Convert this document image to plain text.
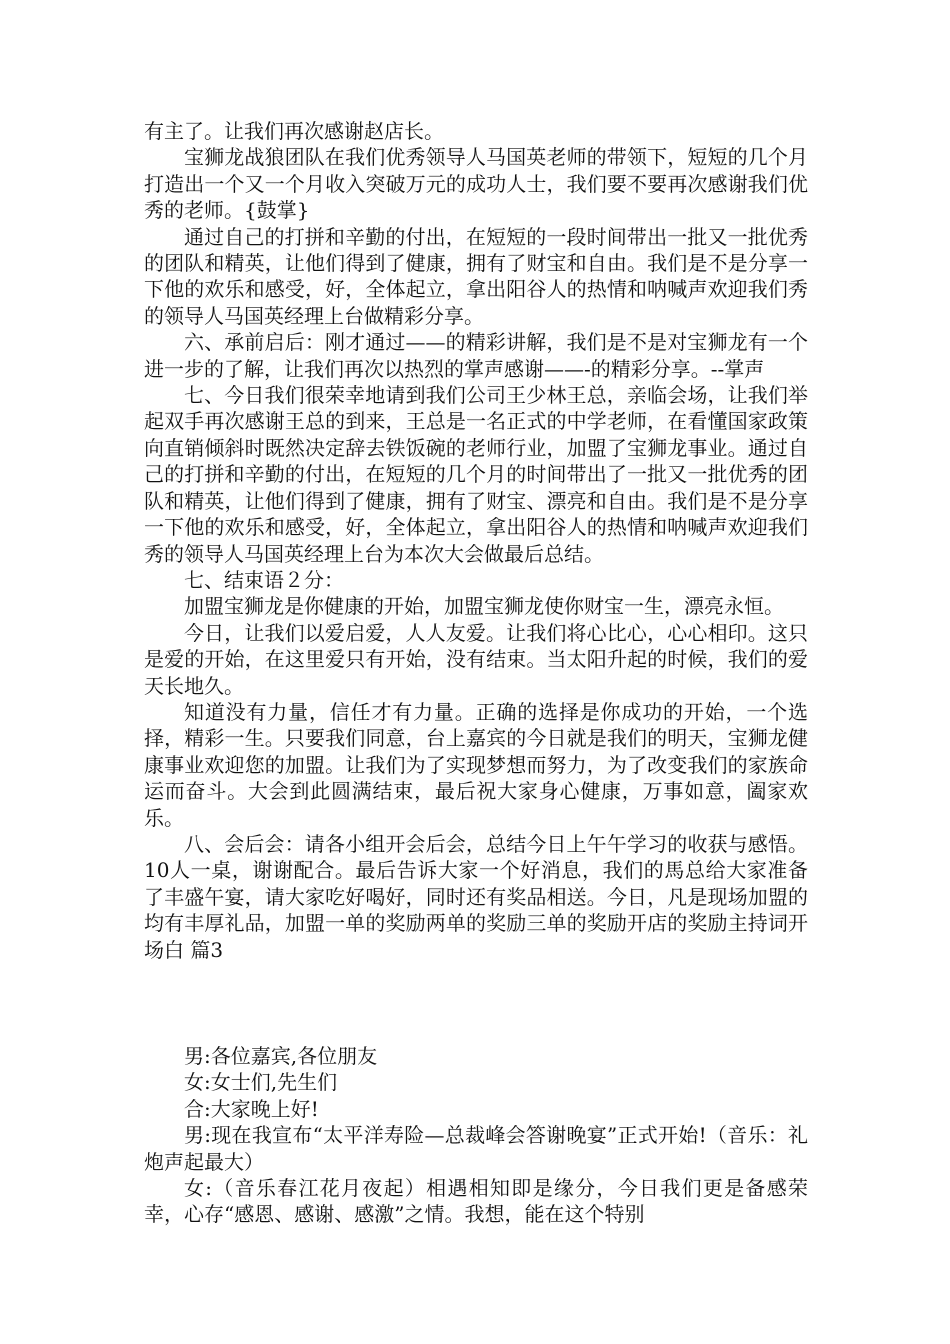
有主了。让我们再次感谢赵店长。

宝狮龙战狼团队在我们优秀领导人马国英老师的带领下，短短的几个月打造出一个又一个月收入突破万元的成功人士，我们要不要再次感谢我们优秀的老师。{鼓掌}

通过自己的打拼和辛勤的付出，在短短的一段时间带出一批又一批优秀的团队和精英，让他们得到了健康，拥有了财宝和自由。我们是不是分享一下他的欢乐和感受，好，全体起立，拿出阳谷人的热情和呐喊声欢迎我们秀的领导人马国英经理上台做精彩分享。

六、承前启后：刚才通过——的精彩讲解，我们是不是对宝狮龙有一个进一步的了解，让我们再次以热烈的掌声感谢——-的精彩分享。--掌声

七、今日我们很荣幸地请到我们公司王少林王总，亲临会场，让我们举起双手再次感谢王总的到来，王总是一名正式的中学老师，在看懂国家政策向直销倾斜时既然决定辞去铁饭碗的老师行业，加盟了宝狮龙事业。通过自己的打拼和辛勤的付出，在短短的几个月的时间带出了一批又一批优秀的团队和精英，让他们得到了健康，拥有了财宝、漂亮和自由。我们是不是分享一下他的欢乐和感受，好，全体起立，拿出阳谷人的热情和呐喊声欢迎我们秀的领导人马国英经理上台为本次大会做最后总结。

七、结束语２分：

加盟宝狮龙是你健康的开始，加盟宝狮龙使你财宝一生，漂亮永恒。

今日，让我们以爱启爱，人人友爱。让我们将心比心，心心相印。这只是爱的开始，在这里爱只有开始，没有结束。当太阳升起的时候，我们的爱天长地久。

知道没有力量，信任才有力量。正确的选择是你成功的开始，一个选择，精彩一生。只要我们同意，台上嘉宾的今日就是我们的明天，宝狮龙健康事业欢迎您的加盟。让我们为了实现梦想而努力，为了改变我们的家族命运而奋斗。大会到此圆满结束，最后祝大家身心健康，万事如意，阖家欢乐。

八、会后会：请各小组开会后会，总结今日上午午学习的收获与感悟。10人一桌，谢谢配合。最后告诉大家一个好消息，我们的馬总给大家准备了丰盛午宴，请大家吃好喝好，同时还有奖品相送。今日，凡是现场加盟的均有丰厚礼品，加盟一单的奖励两单的奖励三单的奖励开店的奖励主持词开场白 篇3

男:各位嘉宾,各位朋友

女:女士们,先生们

合:大家晚上好!

男:现在我宣布“太平洋寿险—总裁峰会答谢晚宴”正式开始!（音乐：礼炮声起最大）

女:（音乐春江花月夜起）相遇相知即是缘分，今日我们更是备感荣幸，心存“感恩、感谢、感激”之情。我想，能在这个特别
